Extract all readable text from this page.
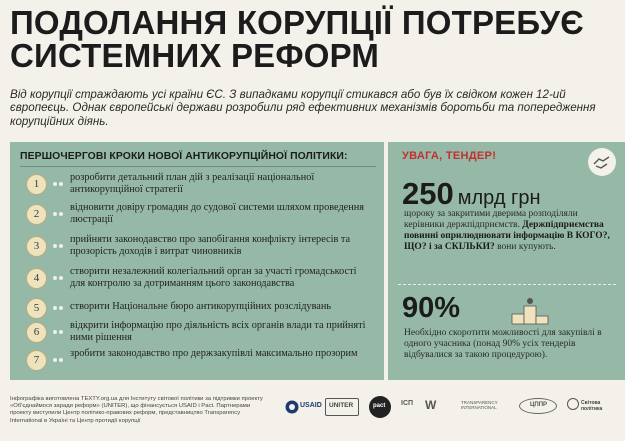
ПОДОЛАННЯ КОРУПЦІЇ ПОТРЕБУЄ
СИСТЕМНИХ РЕФОРМ

Від корупції страждають усі країни ЄС. З випадками корупції стикався або був їх свідком кожен 12-ий європеєць. Однак європейські держави розробили ряд ефективних механізмів боротьби та попередження корупційних діянь.

ПЕРШОЧЕРГОВІ КРОКИ НОВОЇ АНТИКОРУПЦІЙНОЇ ПОЛІТИКИ:
1
розробити детальний план дій з реалізації національної антикорупційної стратегії
2
відновити довіру громадян до судової системи шляхом проведення люстрації
3
прийняти законодавство про запобігання конфлікту інтересів та прозорість доходів і витрат чиновників
4
створити незалежний колегіальний орган за участі громадськості для контролю за дотриманням цього законодавства
5	створити Національне бюро антикорупційних розслідувань
6
відкрити інформацію про діяльність всіх органів влади та прийняті ними рішення
7
зробити законодавство про держзакупівлі максимально прозорим
УВАГА, ТЕНДЕР!
250 млрд грн

щороку за закритими дверима розподіляли керівники держпідприємств. Держпідприємства повинні оприлюднювати інформацію В КОГО?, ЩО? і за СКІЛЬКИ? вони купують.

90%

Необхідно скоротити можливості для закупівлі в одного учасника (понад 90% усіх тендерів відбувалися за такою процедурою).

Інфографіка виготовлена TEXTY.org.ua для Інституту світової політики за підтримки проекту «Об'єднаймося заради реформ» (UNITER), що фінансується USAID і Pact. Партнерами проекту виступили Центр політико-правових реформ, представництво Transparency International в Україні та Центр протидії корупції

USAID UNITER	pact ІСП W	TRANSPARENCY INTERNATIONAL	ЦППР	Світова політика
